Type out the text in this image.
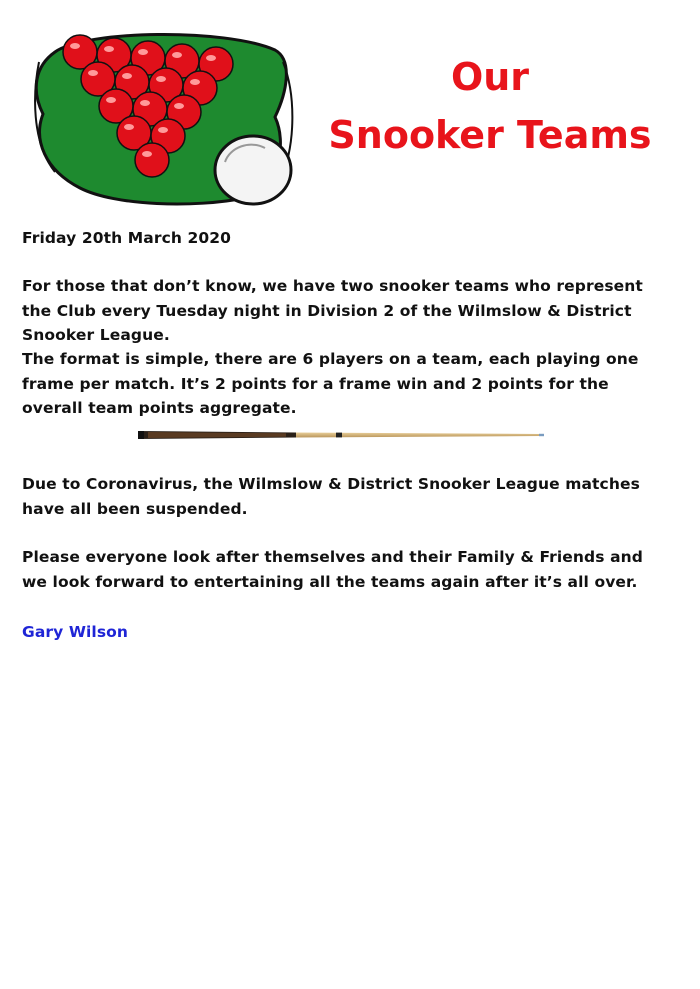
Our
Snooker Teams
Friday 20th March 2020
For those that don’t know, we have two snooker teams who represent the Club every Tuesday night in Division 2 of the Wilmslow & District Snooker League.
The format is simple, there are 6 players on a team, each playing one frame per match. It’s 2 points for a frame win and 2 points for the overall team points aggregate.
Due to Coronavirus, the Wilmslow & District Snooker League matches have all been suspended.
Please everyone look after themselves and their Family & Friends and we look forward to entertaining all the teams again after it’s all over.
Gary Wilson
